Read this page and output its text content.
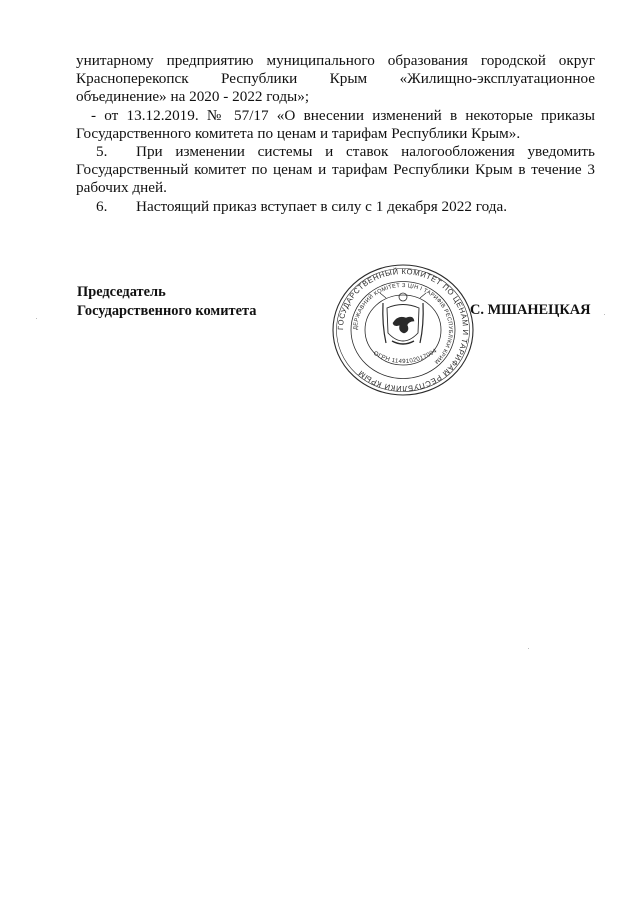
унитарному предприятию муниципального образования городской округ Красноперекопск Республики Крым «Жилищно-эксплуатационное объединение» на 2020 - 2022 годы»;

- от 13.12.2019. № 57/17 «О внесении изменений в некоторые приказы Государственного комитета по ценам и тарифам Республики Крым».

5. При изменении системы и ставок налогообложения уведомить Государственный комитет по ценам и тарифам Республики Крым в течение 3 рабочих дней.

6. Настоящий приказ вступает в силу с 1 декабря 2022 года.

Председатель
Государственного комитета
ГОСУДАРСТВЕННЫЙ КОМИТЕТ ПО ЦЕНАМ И ТАРИФАМ РЕСПУБЛИКИ КРЫМ
ДЕРЖАВНИЙ КОМІТЕТ З ЦІН І ТАРИФІВ РЕСПУБЛІКИ КРИМ
ОГРН 1149102017004
С. МШАНЕЦКАЯ
